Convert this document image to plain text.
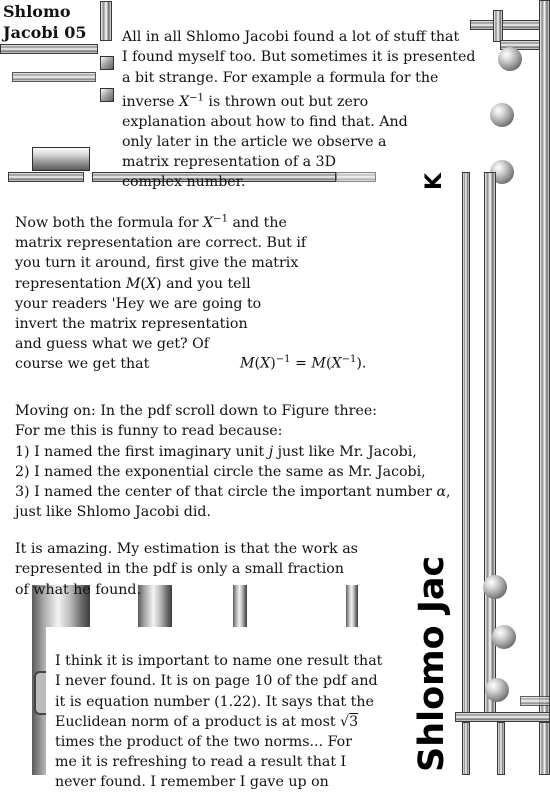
Shlomo
Jacobi 05
Shlomo Jac
K

All in all Shlomo Jacobi found a lot of stuff that
I found myself too. But sometimes it is presented
a bit strange. For example a formula for the
inverse $X^{-1}$ is thrown out but zero
explanation about how to find that. And
only later in the article we observe a
matrix representation of a 3D
complex number.

Now both the formula for $X^{-1}$ and the
matrix representation are correct. But if
you turn it around, first give the matrix
representation M(X) and you tell
your readers 'Hey we are going to
invert the matrix representation
and guess what we get? Of
course we get that	$M(X)^{-1} = M(X^{-1})$.

Moving on: In the pdf scroll down to Figure three:
For me this is funny to read because:
1) I named the first imaginary unit j just like Mr. Jacobi,
2) I named the exponential circle the same as Mr. Jacobi,
3) I named the center of that circle the important number α,
just like Shlomo Jacobi did.

It is amazing. My estimation is that the work as
represented in the pdf is only a small fraction
of what he found.

I think it is important to name one result that
I never found. It is on page 10 of the pdf and
it is equation number (1.22). It says that the
Euclidean norm of a product is at most √3
times the product of the two norms... For
me it is refreshing to read a result that I
never found. I remember I gave up on
